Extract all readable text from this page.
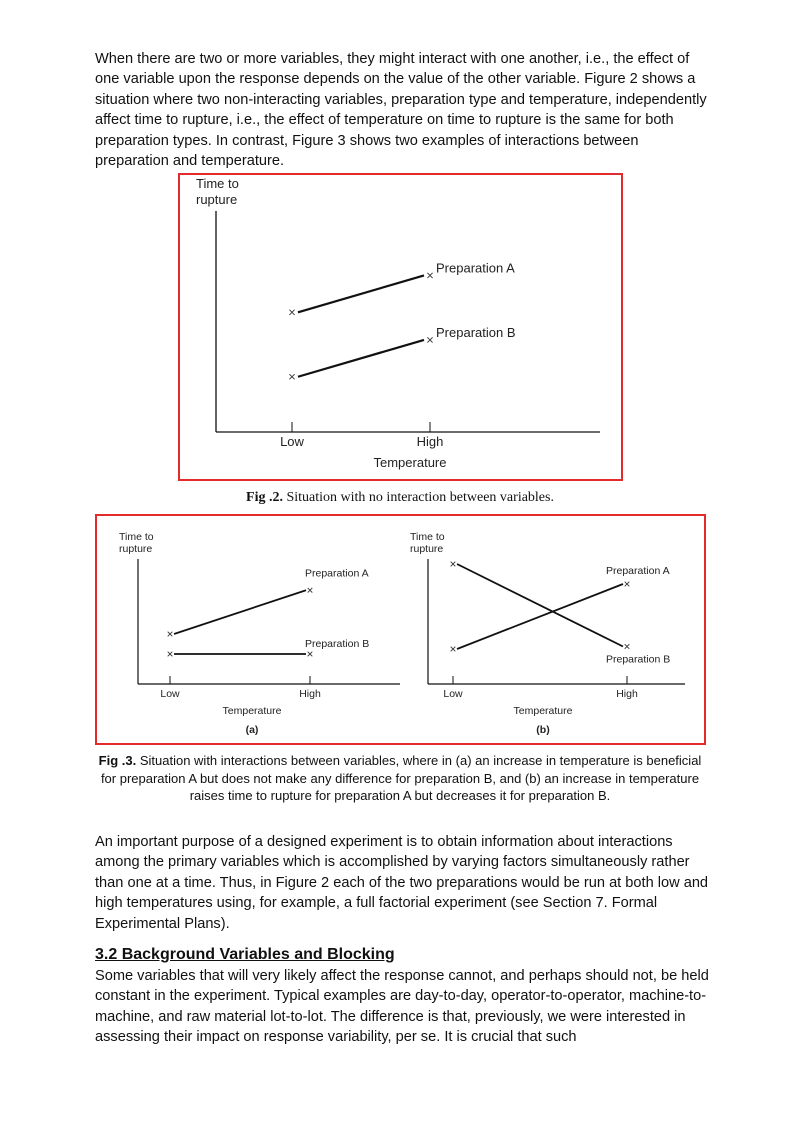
When there are two or more variables, they might interact with one another, i.e., the effect of one variable upon the response depends on the value of the other variable. Figure 2 shows a situation where two non-interacting variables, preparation type and temperature, independently affect time to rupture, i.e., the effect of temperature on time to rupture is the same for both preparation types. In contrast, Figure 3 shows two examples of interactions between preparation and temperature.

Time to
rupture
Low	High
Preparation A
Preparation B
Temperature

Fig .2. Situation with no interaction between variables.

Time to
rupture
Low	High
Preparation A
Preparation B
Temperature
(a)
Time to
rupture
Low	High
Preparation A
Preparation B
Temperature
(b)

Fig .3. Situation with interactions between variables, where in (a) an increase in temperature is beneficial for preparation A but does not make any difference for preparation B, and (b) an increase in temperature raises time to rupture for preparation A but decreases it for preparation B.

An important purpose of a designed experiment is to obtain information about interactions among the primary variables which is accomplished by varying factors simultaneously rather than one at a time. Thus, in Figure 2 each of the two preparations would be run at both low and high temperatures using, for example, a full factorial experiment (see Section 7. Formal Experimental Plans).

3.2 Background Variables and Blocking

Some variables that will very likely affect the response cannot, and perhaps should not, be held constant in the experiment. Typical examples are day-to-day, operator-to-operator, machine-to-machine, and raw material lot-to-lot. The difference is that, previously, we were interested in assessing their impact on response variability, per se. It is crucial that such
